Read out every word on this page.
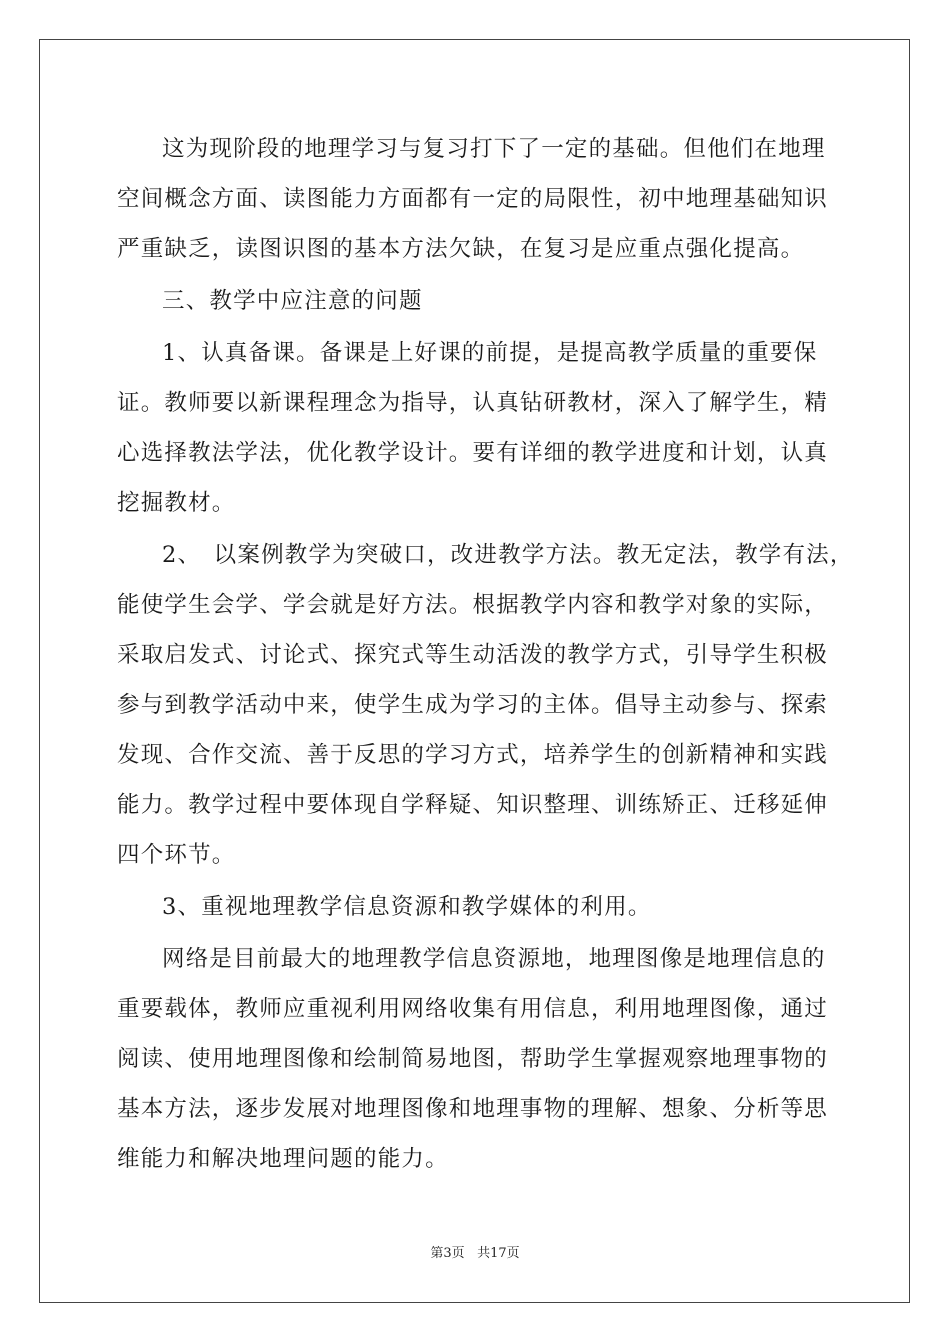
这为现阶段的地理学习与复习打下了一定的基础。但他们在地理
空间概念方面、读图能力方面都有一定的局限性，初中地理基础知识
严重缺乏，读图识图的基本方法欠缺，在复习是应重点强化提高。
三、教学中应注意的问题
1、认真备课。备课是上好课的前提，是提高教学质量的重要保
证。教师要以新课程理念为指导，认真钻研教材，深入了解学生，精
心选择教法学法，优化教学设计。要有详细的教学进度和计划，认真
挖掘教材。
2、　以案例教学为突破口，改进教学方法。教无定法，教学有法，
能使学生会学、学会就是好方法。根据教学内容和教学对象的实际，
采取启发式、讨论式、探究式等生动活泼的教学方式，引导学生积极
参与到教学活动中来，使学生成为学习的主体。倡导主动参与、探索
发现、合作交流、善于反思的学习方式，培养学生的创新精神和实践
能力。教学过程中要体现自学释疑、知识整理、训练矫正、迁移延伸
四个环节。
3、重视地理教学信息资源和教学媒体的利用。
网络是目前最大的地理教学信息资源地，地理图像是地理信息的
重要载体，教师应重视利用网络收集有用信息，利用地理图像，通过
阅读、使用地理图像和绘制简易地图，帮助学生掌握观察地理事物的
基本方法，逐步发展对地理图像和地理事物的理解、想象、分析等思
维能力和解决地理问题的能力。
第3页 共17页
